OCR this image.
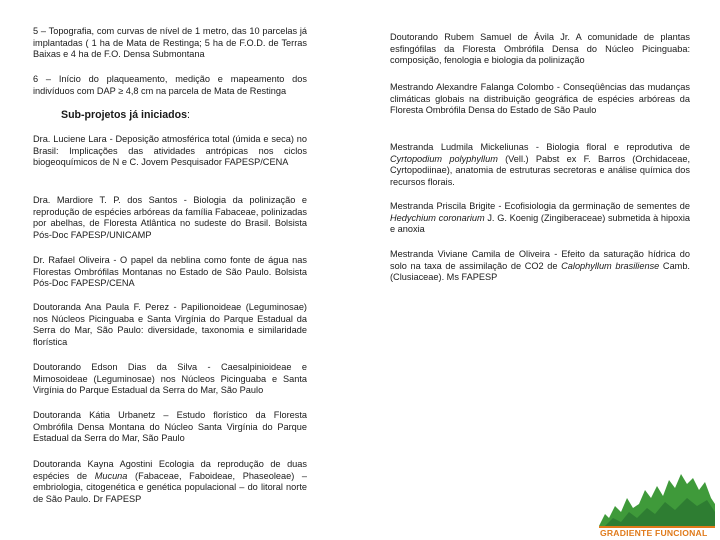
5 – Topografia, com curvas de nível de 1 metro, das 10 parcelas já implantadas ( 1 ha de Mata de Restinga; 5 ha de F.O.D. de Terras Baixas e 4 ha de F.O. Densa Submontana

6 – Início do plaqueamento, medição e mapeamento dos indivíduos com DAP ≥ 4,8 cm na parcela de Mata de Restinga

Dra. Luciene Lara - Deposição atmosférica total (úmida e seca) no Brasil: Implicações das atividades antrópicas nos ciclos biogeoquímicos de N e C. Jovem Pesquisador FAPESP/CENA

Dra. Mardiore T. P. dos Santos - Biologia da polinização e reprodução de espécies arbóreas da família Fabaceae, polinizadas por abelhas, de Floresta Atlântica no sudeste do Brasil. Bolsista Pós-Doc FAPESP/UNICAMP

Dr. Rafael Oliveira - O papel da neblina como fonte de água nas Florestas Ombrófilas Montanas no Estado de São Paulo. Bolsista Pós-Doc FAPESP/CENA

Doutoranda Ana Paula F. Perez - Papilionoideae (Leguminosae) nos Núcleos Picinguaba e Santa Virgínia do Parque Estadual da Serra do Mar, São Paulo: diversidade, taxonomia e similaridade florística

Doutorando Edson Dias da Silva - Caesalpinioideae e Mimosoideae (Leguminosae) nos Núcleos Picinguaba e Santa Virgínia do Parque Estadual da Serra do Mar, São Paulo

Doutoranda Kátia Urbanetz – Estudo florístico da Floresta Ombrófila Densa Montana do Núcleo Santa Virgínia do Parque Estadual da Serra do Mar, São Paulo

Doutoranda Kayna Agostini Ecologia da reprodução de duas espécies de Mucuna (Fabaceae, Faboideae, Phaseoleae) – embriologia, citogenética e genética populacional – do litoral norte de São Paulo. Dr FAPESP

Sub-projetos já iniciados:

Doutorando Rubem Samuel de Ávila Jr. A comunidade de plantas esfingófilas da Floresta Ombrófila Densa do Núcleo Picinguaba: composição, fenologia e biologia da polinização

Mestrando Alexandre Falanga Colombo - Conseqüências das mudanças climáticas globais na distribuição geográfica de espécies arbóreas da Floresta Ombrófila Densa do Estado de São Paulo

Mestranda Ludmila Mickeliunas - Biologia floral e reprodutiva de Cyrtopodium polyphyllum (Vell.) Pabst ex F. Barros (Orchidaceae, Cyrtopodiinae), anatomia de estruturas secretoras e análise química dos recursos florais.

Mestranda Priscila Brigite - Ecofisiologia da germinação de sementes de Hedychium coronarium J. G. Koenig (Zingiberaceae) submetida à hipoxia e anoxia

Mestranda Viviane Camila de Oliveira - Efeito da saturação hídrica do solo na taxa de assimilação de CO2 de Calophyllum brasiliense Camb. (Clusiaceae). Ms FAPESP

GRADIENTE FUNCIONAL
